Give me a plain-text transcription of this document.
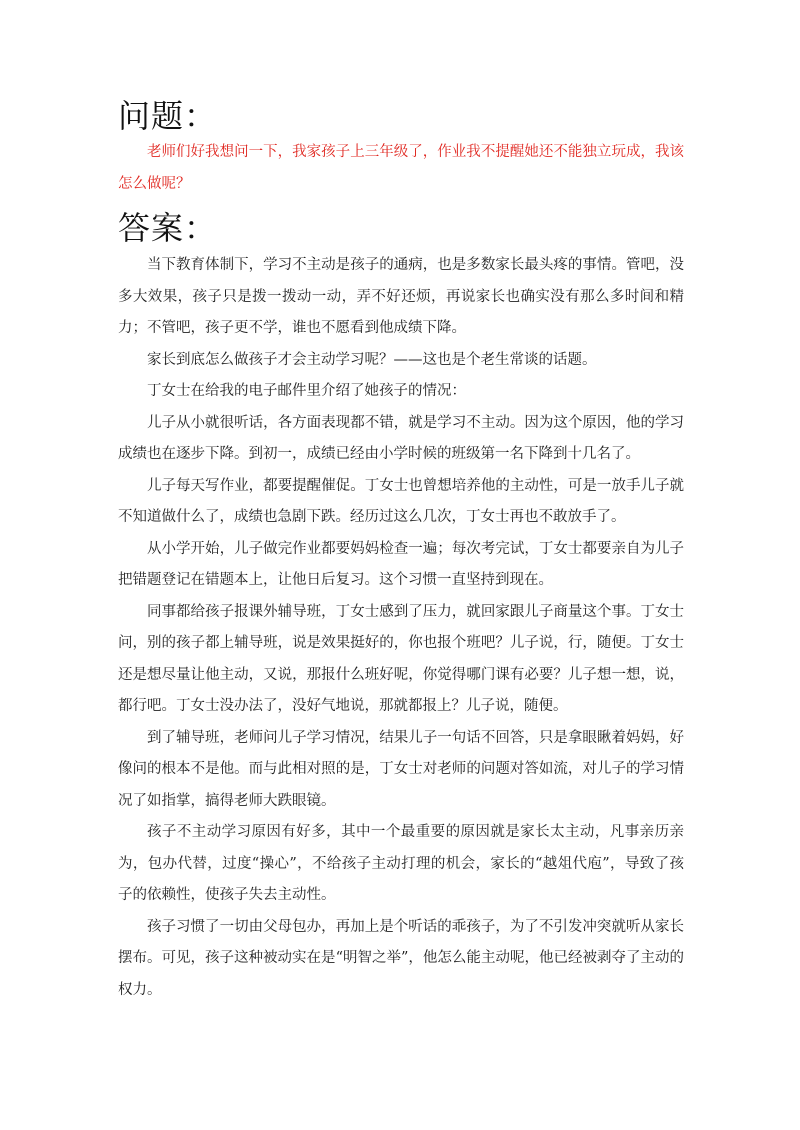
问题：

老师们好我想问一下，我家孩子上三年级了，作业我不提醒她还不能独立玩成，我该怎么做呢？

答案：

当下教育体制下，学习不主动是孩子的通病，也是多数家长最头疼的事情。管吧，没多大效果，孩子只是拨一拨动一动，弄不好还烦，再说家长也确实没有那么多时间和精力；不管吧，孩子更不学，谁也不愿看到他成绩下降。

家长到底怎么做孩子才会主动学习呢？——这也是个老生常谈的话题。

丁女士在给我的电子邮件里介绍了她孩子的情况：

儿子从小就很听话，各方面表现都不错，就是学习不主动。因为这个原因，他的学习成绩也在逐步下降。到初一，成绩已经由小学时候的班级第一名下降到十几名了。

儿子每天写作业，都要提醒催促。丁女士也曾想培养他的主动性，可是一放手儿子就不知道做什么了，成绩也急剧下跌。经历过这么几次，丁女士再也不敢放手了。

从小学开始，儿子做完作业都要妈妈检查一遍；每次考完试，丁女士都要亲自为儿子把错题登记在错题本上，让他日后复习。这个习惯一直坚持到现在。

同事都给孩子报课外辅导班，丁女士感到了压力，就回家跟儿子商量这个事。丁女士问，别的孩子都上辅导班，说是效果挺好的，你也报个班吧？儿子说，行，随便。丁女士还是想尽量让他主动，又说，那报什么班好呢，你觉得哪门课有必要？儿子想一想，说，都行吧。丁女士没办法了，没好气地说，那就都报上？儿子说，随便。

到了辅导班，老师问儿子学习情况，结果儿子一句话不回答，只是拿眼瞅着妈妈，好像问的根本不是他。而与此相对照的是，丁女士对老师的问题对答如流，对儿子的学习情况了如指掌，搞得老师大跌眼镜。

孩子不主动学习原因有好多，其中一个最重要的原因就是家长太主动，凡事亲历亲为，包办代替，过度“操心”，不给孩子主动打理的机会，家长的“越俎代庖”，导致了孩子的依赖性，使孩子失去主动性。

孩子习惯了一切由父母包办，再加上是个听话的乖孩子，为了不引发冲突就听从家长摆布。可见，孩子这种被动实在是“明智之举”，他怎么能主动呢，他已经被剥夺了主动的权力。
